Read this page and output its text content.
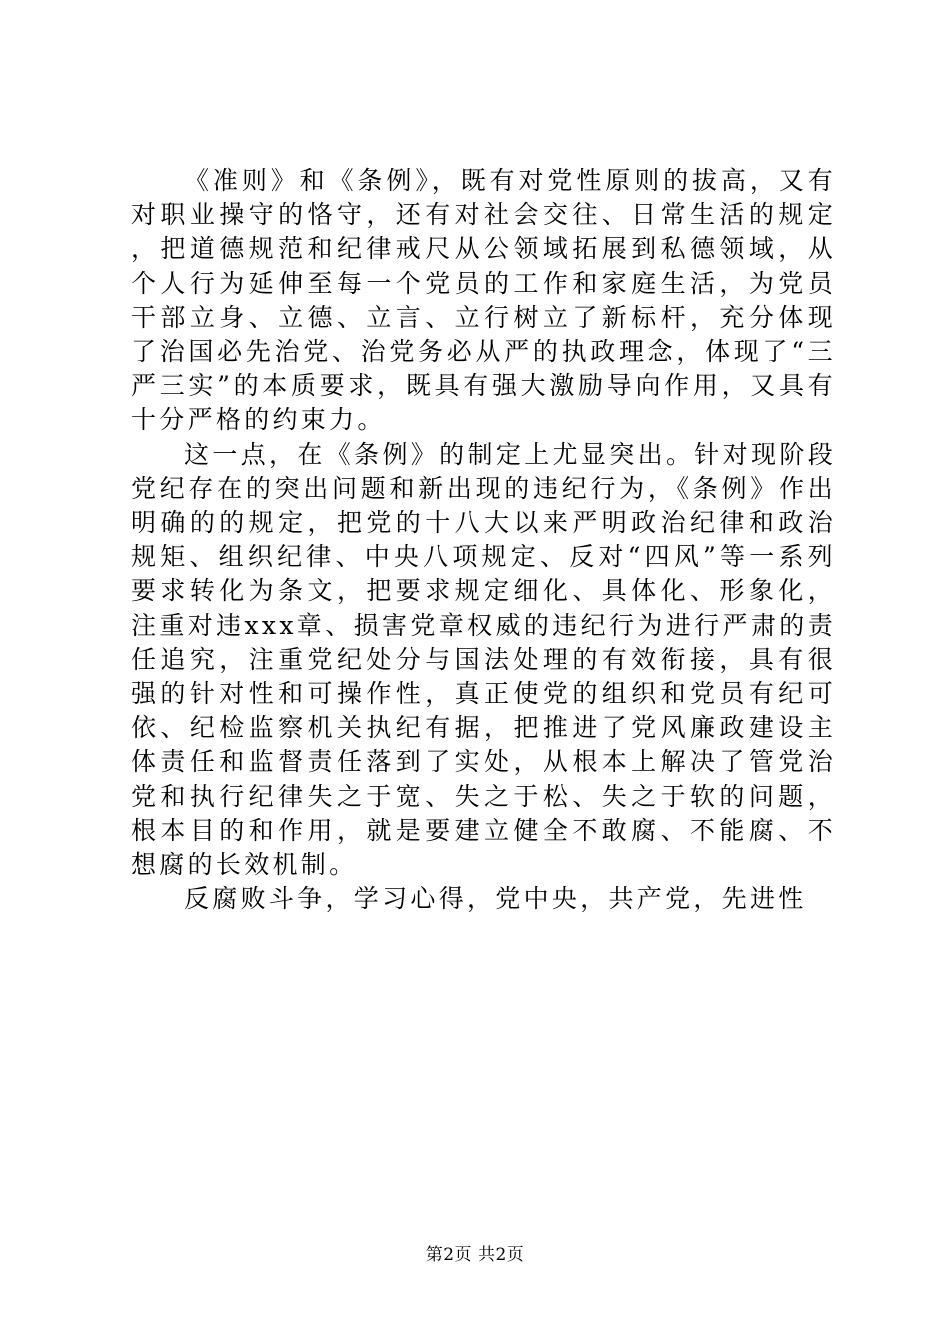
《准则》和《条例》，既有对党性原则的拔高，又有对职业操守的恪守，还有对社会交往、日常生活的规定，把道德规范和纪律戒尺从公领域拓展到私德领域，从个人行为延伸至每一个党员的工作和家庭生活，为党员干部立身、立德、立言、立行树立了新标杆，充分体现了治国必先治党、治党务必从严的执政理念，体现了“三严三实”的本质要求，既具有强大激励导向作用，又具有十分严格的约束力。

这一点，在《条例》的制定上尤显突出。针对现阶段党纪存在的突出问题和新出现的违纪行为，《条例》作出明确的的规定，把党的十八大以来严明政治纪律和政治规矩、组织纪律、中央八项规定、反对“四风”等一系列要求转化为条文，把要求规定细化、具体化、形象化，注重对违xxx章、损害党章权威的违纪行为进行严肃的责任追究，注重党纪处分与国法处理的有效衔接，具有很强的针对性和可操作性，真正使党的组织和党员有纪可依、纪检监察机关执纪有据，把推进了党风廉政建设主体责任和监督责任落到了实处，从根本上解决了管党治党和执行纪律失之于宽、失之于松、失之于软的问题，根本目的和作用，就是要建立健全不敢腐、不能腐、不想腐的长效机制。

反腐败斗争，学习心得，党中央，共产党，先进性

第2页 共2页
